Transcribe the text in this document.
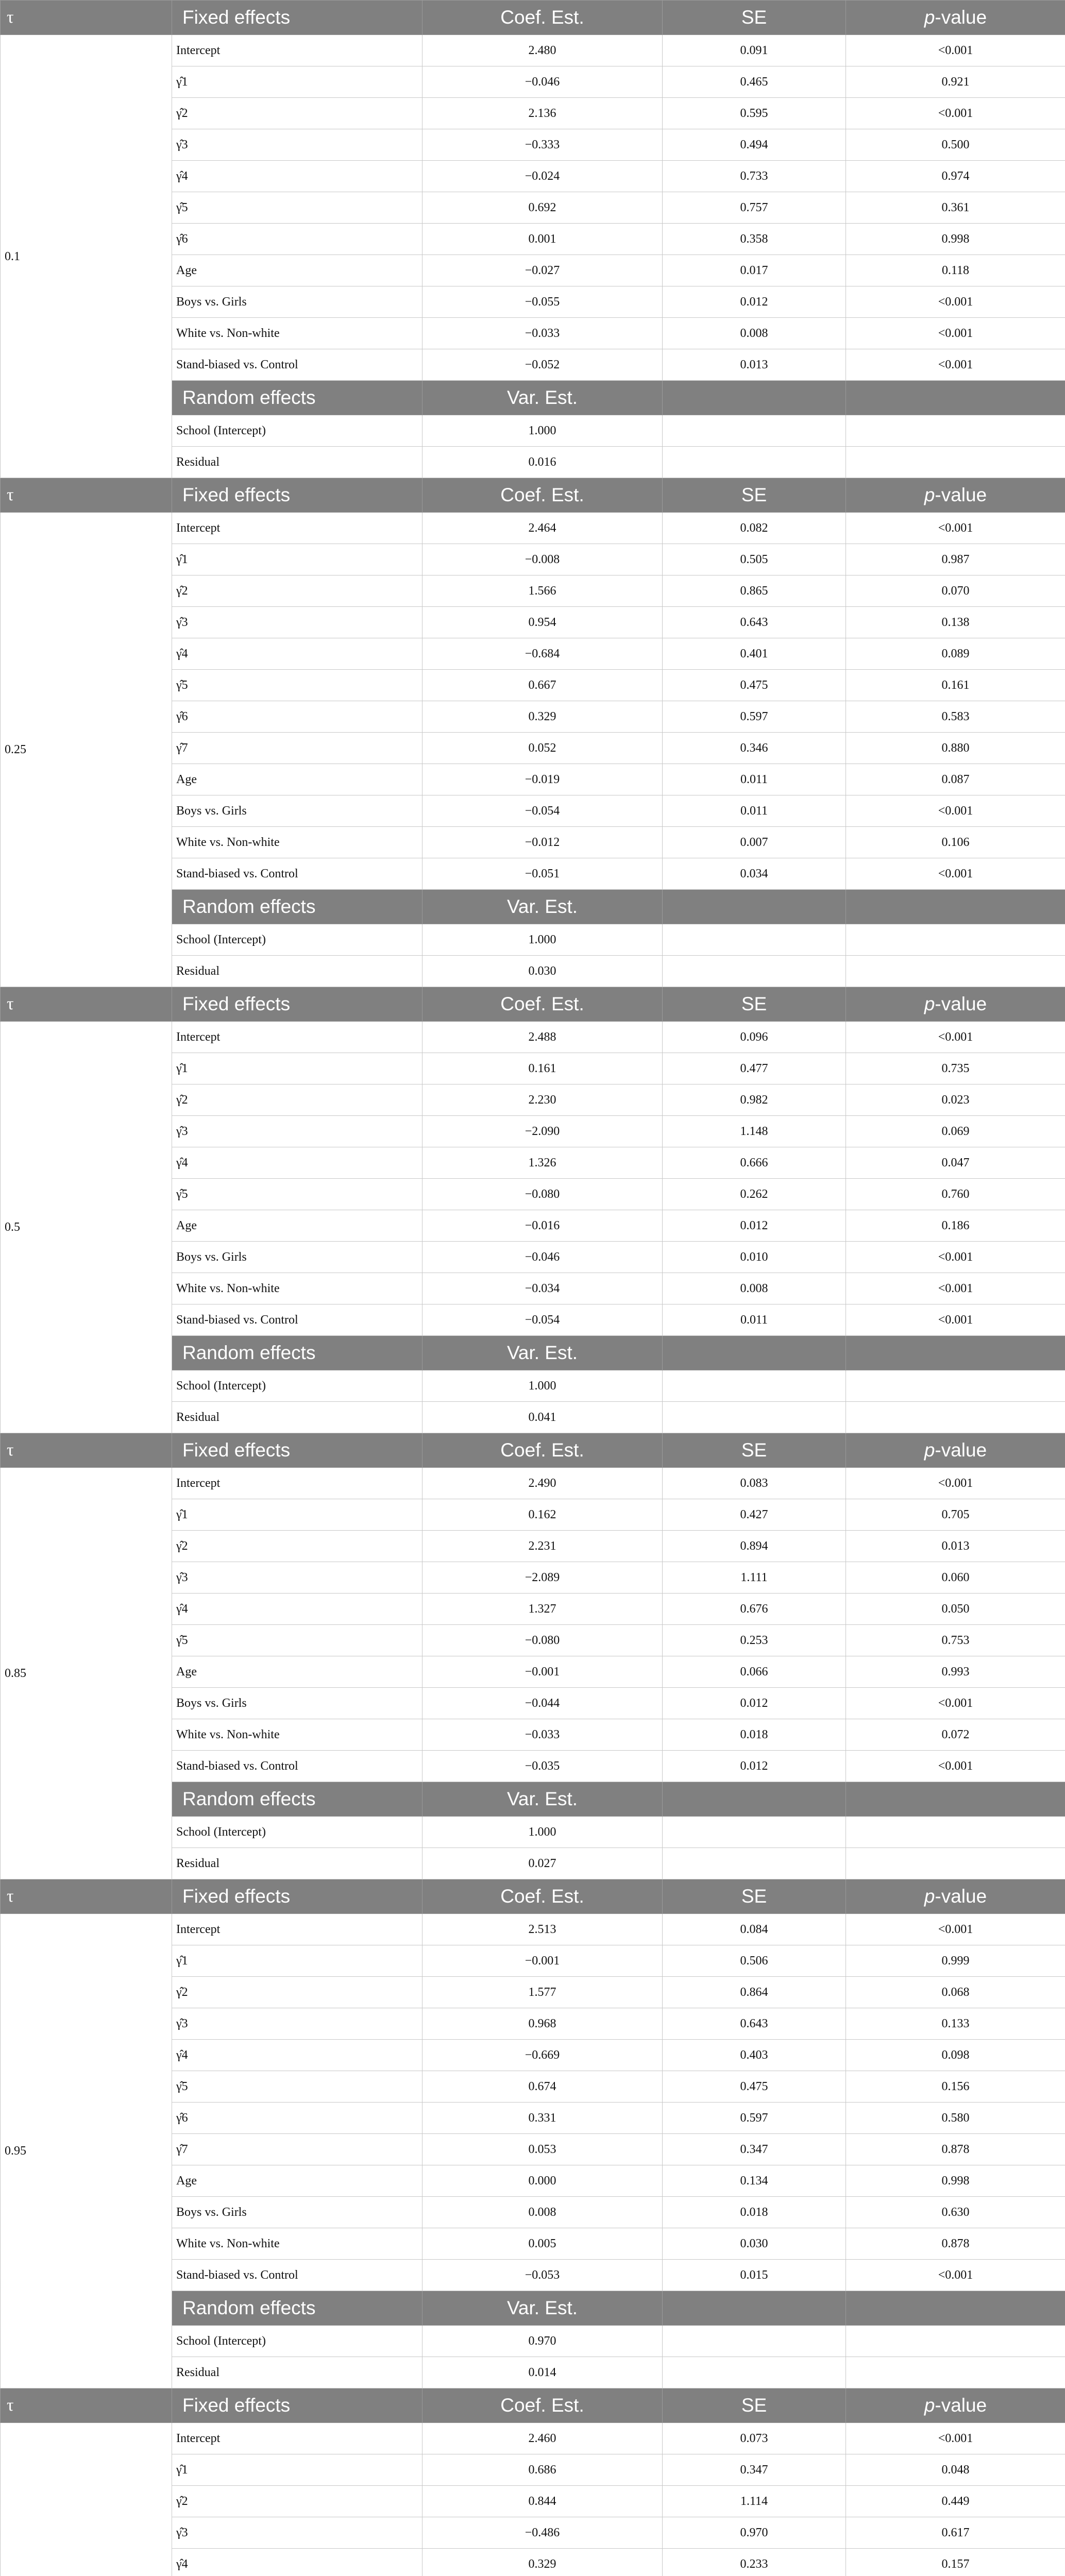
τ	Fixed effects	Coef. Est.	SE	p-value
0.1	Intercept	2.480	0.091	<0.001
	γ̂1	−0.046	0.465	0.921
	γ̂2	2.136	0.595	<0.001
	γ̂3	−0.333	0.494	0.500
	γ̂4	−0.024	0.733	0.974
	γ̂5	0.692	0.757	0.361
	γ̂6	0.001	0.358	0.998
	Age	−0.027	0.017	0.118
	Boys vs. Girls	−0.055	0.012	<0.001
	White vs. Non-white	−0.033	0.008	<0.001
	Stand-biased vs. Control	−0.052	0.013	<0.001
	Random effects	Var. Est.		
	School (Intercept)	1.000		
	Residual	0.016		
τ	Fixed effects	Coef. Est.	SE	p-value
0.25	Intercept	2.464	0.082	<0.001
	γ̂1	−0.008	0.505	0.987
	γ̂2	1.566	0.865	0.070
	γ̂3	0.954	0.643	0.138
	γ̂4	−0.684	0.401	0.089
	γ̂5	0.667	0.475	0.161
	γ̂6	0.329	0.597	0.583
	γ̂7	0.052	0.346	0.880
	Age	−0.019	0.011	0.087
	Boys vs. Girls	−0.054	0.011	<0.001
	White vs. Non-white	−0.012	0.007	0.106
	Stand-biased vs. Control	−0.051	0.034	<0.001
	Random effects	Var. Est.		
	School (Intercept)	1.000		
	Residual	0.030		
τ	Fixed effects	Coef. Est.	SE	p-value
0.5	Intercept	2.488	0.096	<0.001
	γ̂1	0.161	0.477	0.735
	γ̂2	2.230	0.982	0.023
	γ̂3	−2.090	1.148	0.069
	γ̂4	1.326	0.666	0.047
	γ̂5	−0.080	0.262	0.760
	Age	−0.016	0.012	0.186
	Boys vs. Girls	−0.046	0.010	<0.001
	White vs. Non-white	−0.034	0.008	<0.001
	Stand-biased vs. Control	−0.054	0.011	<0.001
	Random effects	Var. Est.		
	School (Intercept)	1.000		
	Residual	0.041		
τ	Fixed effects	Coef. Est.	SE	p-value
0.85	Intercept	2.490	0.083	<0.001
	γ̂1	0.162	0.427	0.705
	γ̂2	2.231	0.894	0.013
	γ̂3	−2.089	1.111	0.060
	γ̂4	1.327	0.676	0.050
	γ̂5	−0.080	0.253	0.753
	Age	−0.001	0.066	0.993
	Boys vs. Girls	−0.044	0.012	<0.001
	White vs. Non-white	−0.033	0.018	0.072
	Stand-biased vs. Control	−0.035	0.012	<0.001
	Random effects	Var. Est.		
	School (Intercept)	1.000		
	Residual	0.027		
τ	Fixed effects	Coef. Est.	SE	p-value
0.95	Intercept	2.513	0.084	<0.001
	γ̂1	−0.001	0.506	0.999
	γ̂2	1.577	0.864	0.068
	γ̂3	0.968	0.643	0.133
	γ̂4	−0.669	0.403	0.098
	γ̂5	0.674	0.475	0.156
	γ̂6	0.331	0.597	0.580
	γ̂7	0.053	0.347	0.878
	Age	0.000	0.134	0.998
	Boys vs. Girls	0.008	0.018	0.630
	White vs. Non-white	0.005	0.030	0.878
	Stand-biased vs. Control	−0.053	0.015	<0.001
	Random effects	Var. Est.		
	School (Intercept)	0.970		
	Residual	0.014		
τ	Fixed effects	Coef. Est.	SE	p-value
	Intercept	2.460	0.073	<0.001
	γ̂1	0.686	0.347	0.048
	γ̂2	0.844	1.114	0.449
	γ̂3	−0.486	0.970	0.617
	γ̂4	0.329	0.233	0.157
